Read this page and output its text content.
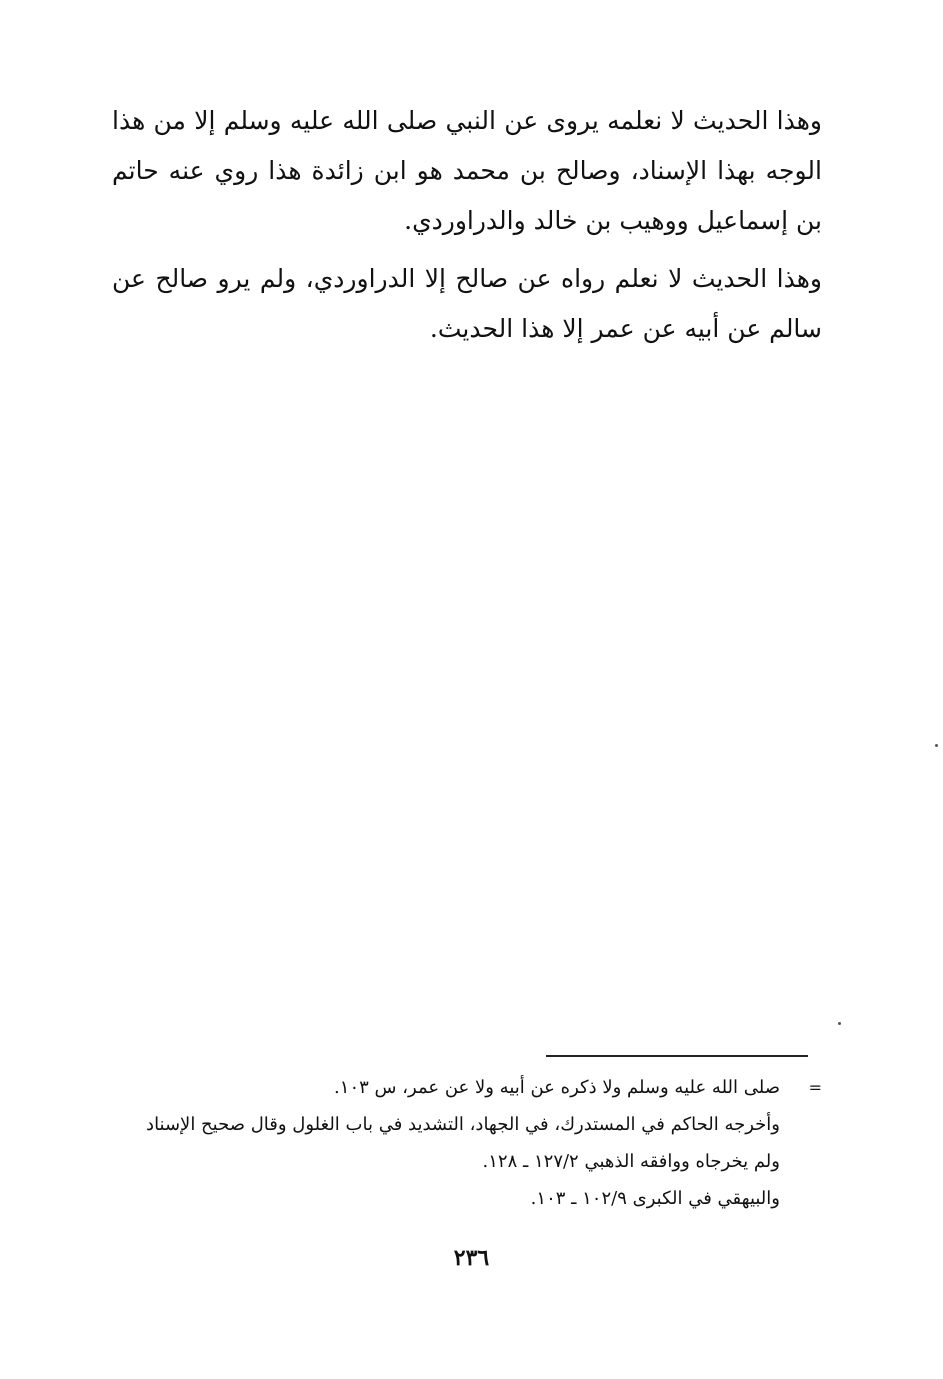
وهذا الحديث لا نعلمه يروى عن النبي صلى الله عليه وسلم إلا من هذا الوجه بهذا الإسناد، وصالح بن محمد هو ابن زائدة هذا روي عنه حاتم بن إسماعيل ووهيب بن خالد والدراوردي.

وهذا الحديث لا نعلم رواه عن صالح إلا الدراوردي، ولم يرو صالح عن سالم عن أبيه عن عمر إلا هذا الحديث.

=
صلى الله عليه وسلم ولا ذكره عن أبيه ولا عن عمر، س ١٠٣.
وأخرجه الحاكم في المستدرك، في الجهاد، التشديد في باب الغلول وقال صحيح الإسناد
ولم يخرجاه ووافقه الذهبي ١٢٧/٢ ـ ١٢٨.
والبيهقي في الكبرى ١٠٢/٩ ـ ١٠٣.
٢٣٦
